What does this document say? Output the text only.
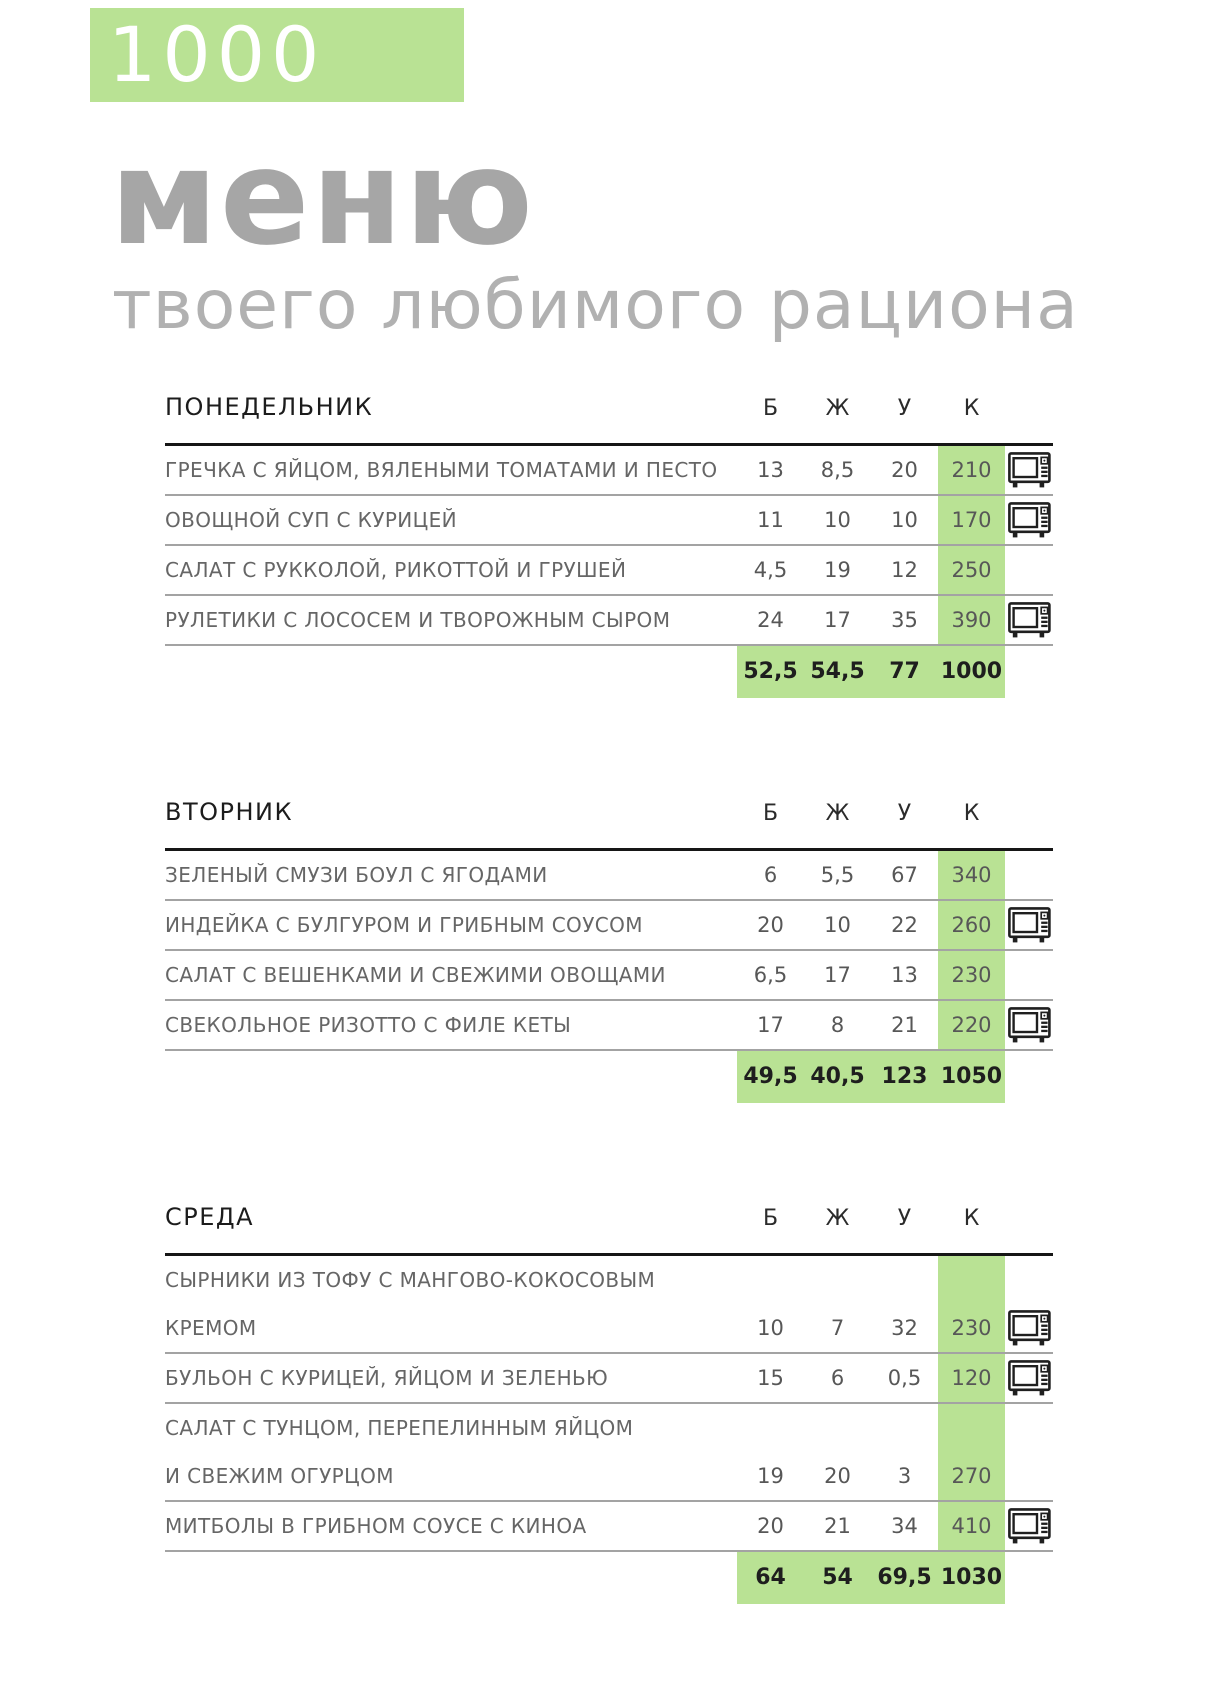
1000
меню
твоего любимого рациона
ПОНЕДЕЛЬНИК	Б	Ж	У	К
ГРЕЧКА С ЯЙЦОМ, ВЯЛЕНЫМИ ТОМАТАМИ И ПЕСТО	13	8,5	20	210
ОВОЩНОЙ СУП С КУРИЦЕЙ	11	10	10	170
САЛАТ С РУККОЛОЙ, РИКОТТОЙ И ГРУШЕЙ	4,5	19	12	250
РУЛЕТИКИ С ЛОСОСЕМ И ТВОРОЖНЫМ СЫРОМ	24	17	35	390
52,5 54,5	77 1000
ВТОРНИК	Б	Ж	У	К
ЗЕЛЕНЫЙ СМУЗИ БОУЛ С ЯГОДАМИ	6	5,5	67	340
ИНДЕЙКА С БУЛГУРОМ И ГРИБНЫМ СОУСОМ	20	10	22	260
САЛАТ С ВЕШЕНКАМИ И СВЕЖИМИ ОВОЩАМИ	6,5	17	13	230
СВЕКОЛЬНОЕ РИЗОТТО С ФИЛЕ КЕТЫ	17	8	21	220
49,5 40,5 123 1050
СРЕДА	Б	Ж	У	К
СЫРНИКИ ИЗ ТОФУ С МАНГОВО-КОКОСОВЫМ
КРЕМОМ	10	7	32	230
БУЛЬОН С КУРИЦЕЙ, ЯЙЦОМ И ЗЕЛЕНЬЮ	15	6	0,5	120
САЛАТ С ТУНЦОМ, ПЕРЕПЕЛИННЫМ ЯЙЦОМ
И СВЕЖИМ ОГУРЦОМ	19	20	3	270
МИТБОЛЫ В ГРИБНОМ СОУСЕ С КИНОА	20	21	34	410
64	54	69,5 1030
